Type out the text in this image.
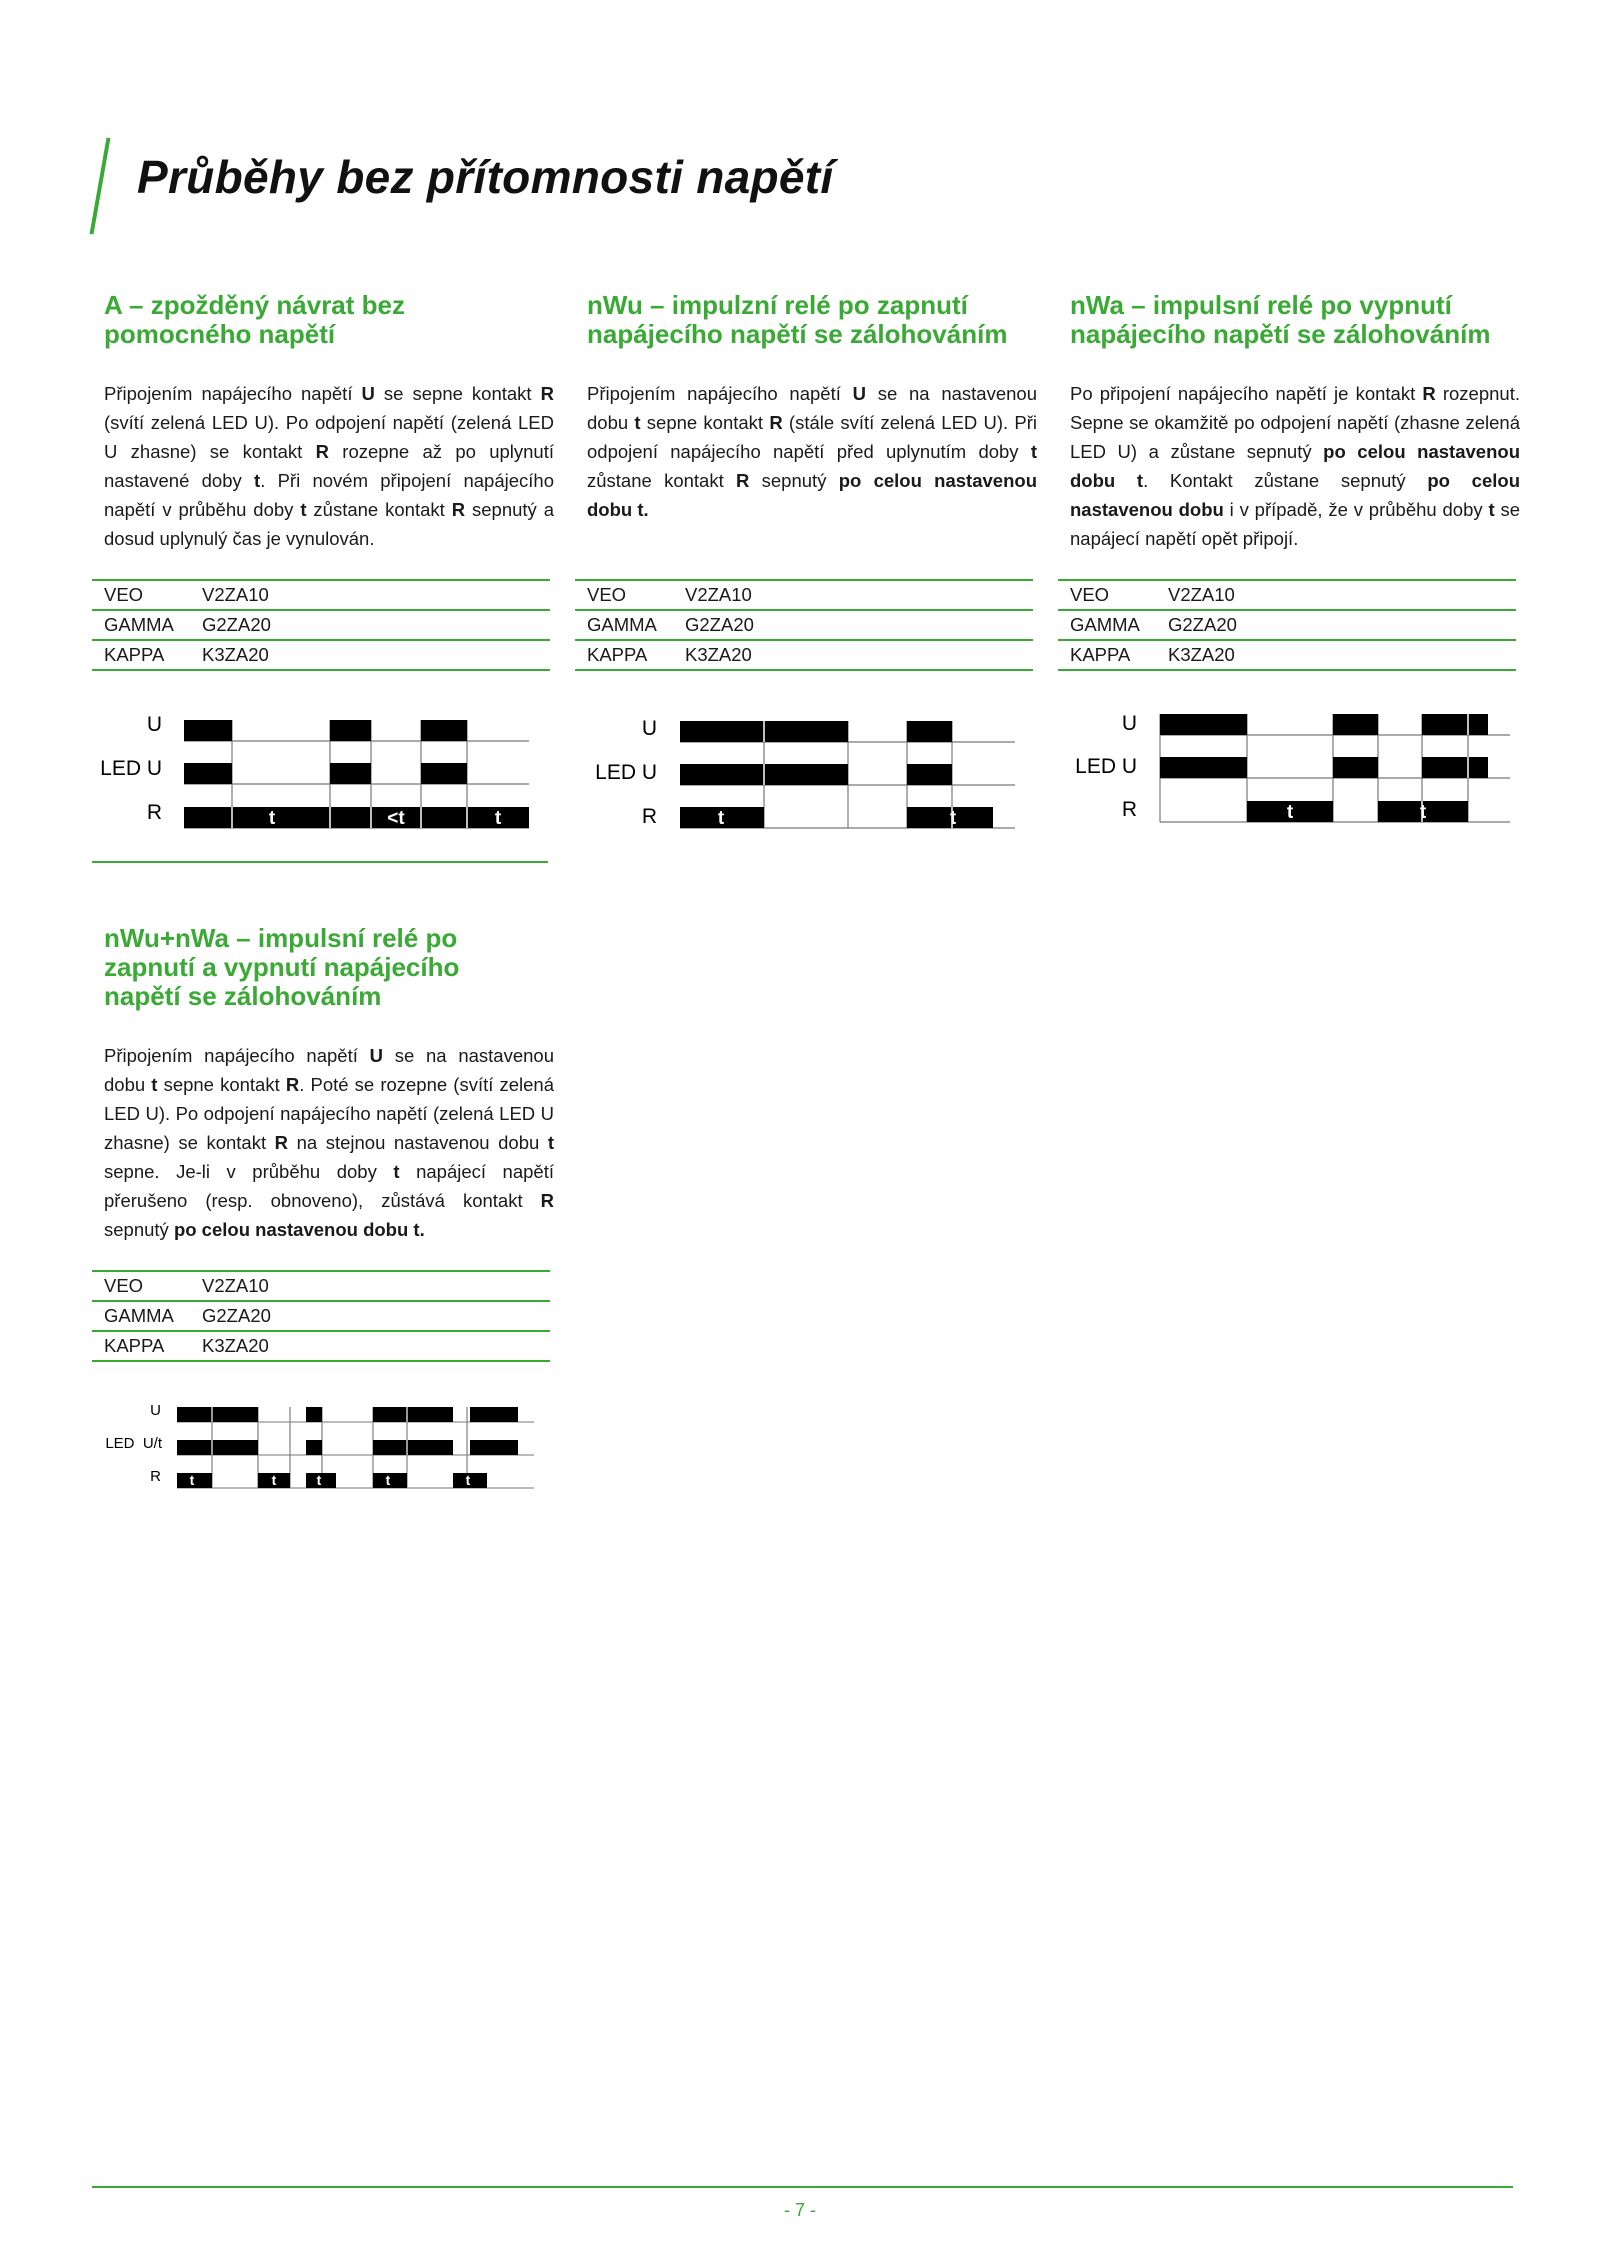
Průběhy bez přítomnosti napětí
A – zpožděný návrat bez
pomocného napětí

Připojením napájecího napětí U se sepne kontakt R (svítí zelená LED U). Po odpojení napětí (zelená LED U zhasne) se kontakt R rozepne až po uplynutí nastavené doby t. Při novém připojení napájecího napětí v průběhu doby t zůstane kontakt R sepnutý a dosud uplynulý čas je vynulován.

VEO	V2ZA10
GAMMA	G2ZA20
KAPPA	K3ZA20
U
LED U
R	t	<t	t
nWu – impulzní relé po zapnutí
napájecího napětí se zálohováním

Připojením napájecího napětí U se na nastavenou dobu t sepne kontakt R (stále svítí zelená LED U). Při odpojení napájecího napětí před uplynutím doby t zůstane kontakt R sepnutý po celou nastavenou dobu t.

VEO	V2ZA10
GAMMA	G2ZA20
KAPPA	K3ZA20
U
LED U
R	t	t
nWa – impulsní relé po vypnutí
napájecího napětí se zálohováním

Po připojení napájecího napětí je kontakt R rozepnut. Sepne se okamžitě po odpojení napětí (zhasne zelená LED U) a zůstane sepnutý po celou nastavenou dobu t. Kontakt zůstane sepnutý po celou nastavenou dobu i v případě, že v průběhu doby t se napájecí napětí opět připojí.

VEO	V2ZA10
GAMMA	G2ZA20
KAPPA	K3ZA20
U
LED U
R	t	t
nWu+nWa – impulsní relé po
zapnutí a vypnutí napájecího
napětí se zálohováním

Připojením napájecího napětí U se na nastavenou dobu t sepne kontakt R. Poté se rozepne (svítí zelená LED U). Po odpojení napájecího napětí (zelená LED U zhasne) se kontakt R na stejnou nastavenou dobu t sepne. Je-li v průběhu doby t napájecí napětí přerušeno (resp. obnoveno), zůstává kontakt R sepnutý po celou nastavenou dobu t.

VEO	V2ZA10
GAMMA	G2ZA20
KAPPA	K3ZA20
U
LED  U/t
R t	t	t	t	t
- 7 -
